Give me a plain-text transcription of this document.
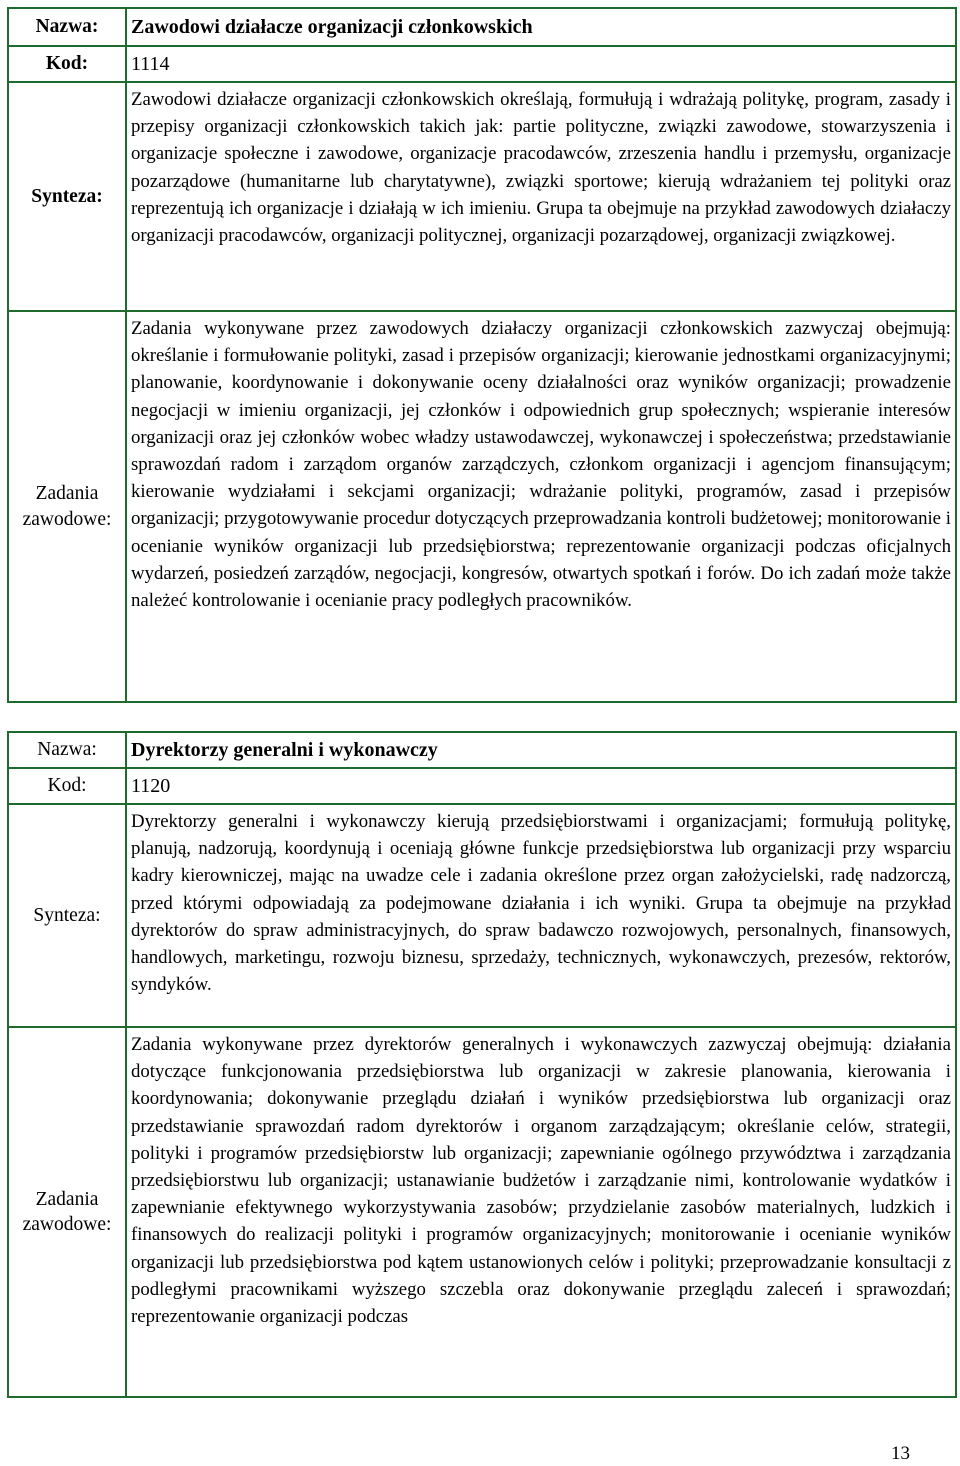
Nazwa:	Zawodowi działacze organizacji członkowskich
Kod:	1114
Synteza:
Zawodowi działacze organizacji członkowskich określają, formułują i wdrażają politykę, program, zasady i przepisy organizacji członkowskich takich jak: partie polityczne, związki zawodowe, stowarzyszenia i organizacje społeczne i zawodowe, organizacje pracodawców, zrzeszenia handlu i przemysłu, organizacje pozarządowe (humanitarne lub charytatywne), związki sportowe; kierują wdrażaniem tej polityki oraz reprezentują ich organizacje i działają w ich imieniu. Grupa ta obejmuje na przykład zawodowych działaczy organizacji pracodawców, organizacji politycznej, organizacji pozarządowej, organizacji związkowej.
Zadania zawodowe:
Zadania wykonywane przez zawodowych działaczy organizacji członkowskich zazwyczaj obejmują: określanie i formułowanie polityki, zasad i przepisów organizacji; kierowanie jednostkami organizacyjnymi; planowanie, koordynowanie i dokonywanie oceny działalności oraz wyników organizacji; prowadzenie negocjacji w imieniu organizacji, jej członków i odpowiednich grup społecznych; wspieranie interesów organizacji oraz jej członków wobec władzy ustawodawczej, wykonawczej i społeczeństwa; przedstawianie sprawozdań radom i zarządom organów zarządczych, członkom organizacji i agencjom finansującym; kierowanie wydziałami i sekcjami organizacji; wdrażanie polityki, programów, zasad i przepisów organizacji; przygotowywanie procedur dotyczących przeprowadzania kontroli budżetowej; monitorowanie i ocenianie wyników organizacji lub przedsiębiorstwa; reprezentowanie organizacji podczas oficjalnych wydarzeń, posiedzeń zarządów, negocjacji, kongresów, otwartych spotkań i forów. Do ich zadań może także należeć kontrolowanie i ocenianie pracy podległych pracowników.
Nazwa:	Dyrektorzy generalni i wykonawczy
Kod:	1120
Synteza:
Dyrektorzy generalni i wykonawczy kierują przedsiębiorstwami i organizacjami; formułują politykę, planują, nadzorują, koordynują i oceniają główne funkcje przedsiębiorstwa lub organizacji przy wsparciu kadry kierowniczej, mając na uwadze cele i zadania określone przez organ założycielski, radę nadzorczą, przed którymi odpowiadają za podejmowane działania i ich wyniki. Grupa ta obejmuje na przykład dyrektorów do spraw administracyjnych, do spraw badawczo rozwojowych, personalnych, finansowych, handlowych, marketingu, rozwoju biznesu, sprzedaży, technicznych, wykonawczych, prezesów, rektorów, syndyków.
Zadania zawodowe:
Zadania wykonywane przez dyrektorów generalnych i wykonawczych zazwyczaj obejmują: działania dotyczące funkcjonowania przedsiębiorstwa lub organizacji w zakresie planowania, kierowania i koordynowania; dokonywanie przeglądu działań i wyników przedsiębiorstwa lub organizacji oraz przedstawianie sprawozdań radom dyrektorów i organom zarządzającym; określanie celów, strategii, polityki i programów przedsiębiorstw lub organizacji; zapewnianie ogólnego przywództwa i zarządzania przedsiębiorstwu lub organizacji; ustanawianie budżetów i zarządzanie nimi, kontrolowanie wydatków i zapewnianie efektywnego wykorzystywania zasobów; przydzielanie zasobów materialnych, ludzkich i finansowych do realizacji polityki i programów organizacyjnych; monitorowanie i ocenianie wyników organizacji lub przedsiębiorstwa pod kątem ustanowionych celów i polityki; przeprowadzanie konsultacji z podległymi pracownikami wyższego szczebla oraz dokonywanie przeglądu zaleceń i sprawozdań; reprezentowanie organizacji podczas
13
